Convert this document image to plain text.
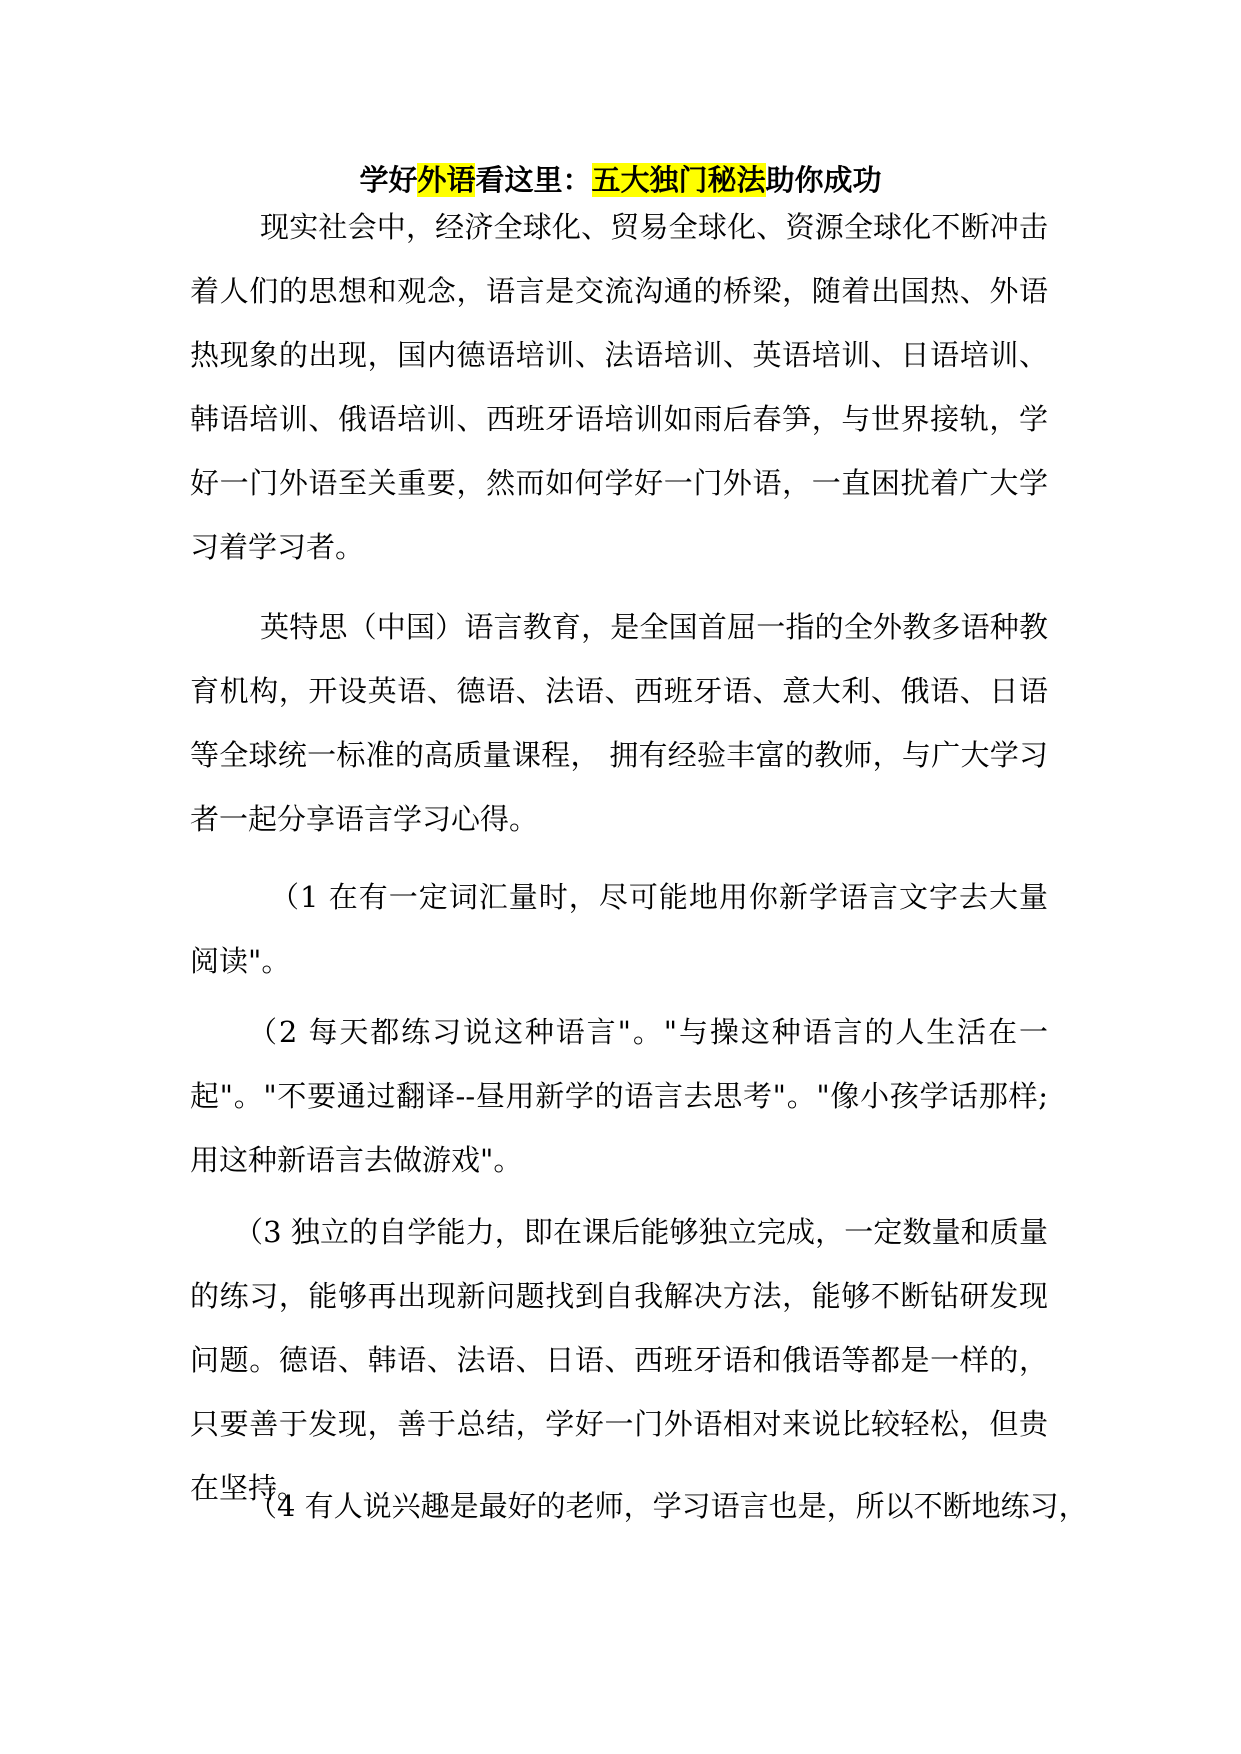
学好外语看这里：五大独门秘法助你成功

现实社会中，经济全球化、贸易全球化、资源全球化不断冲击着人们的思想和观念，语言是交流沟通的桥梁，随着出国热、外语热现象的出现，国内德语培训、法语培训、英语培训、日语培训、韩语培训、俄语培训、西班牙语培训如雨后春笋，与世界接轨，学好一门外语至关重要，然而如何学好一门外语，一直困扰着广大学习着学习者。

英特思（中国）语言教育，是全国首屈一指的全外教多语种教育机构，开设英语、德语、法语、西班牙语、意大利、俄语、日语等全球统一标准的高质量课程， 拥有经验丰富的教师，与广大学习者一起分享语言学习心得。

（1 在有一定词汇量时，尽可能地用你新学语言文字去大量阅读"。

（2 每天都练习说这种语言"。"与操这种语言的人生活在一起"。"不要通过翻译--昼用新学的语言去思考"。"像小孩学话那样; 用这种新语言去做游戏"。

（3 独立的自学能力，即在课后能够独立完成，一定数量和质量的练习，能够再出现新问题找到自我解决方法，能够不断钻研发现问题。德语、韩语、法语、日语、西班牙语和俄语等都是一样的，只要善于发现，善于总结，学好一门外语相对来说比较轻松，但贵在坚持。

（4 有人说兴趣是最好的老师，学习语言也是，所以不断地练习，
